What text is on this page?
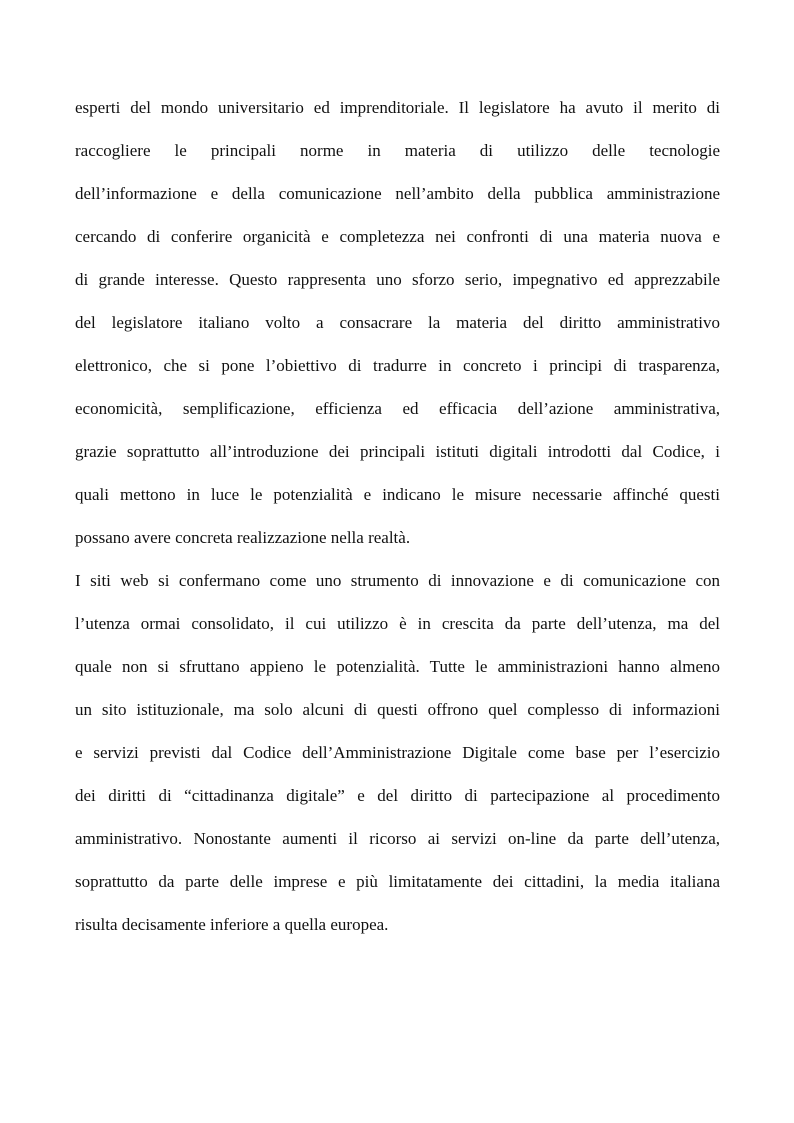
esperti del mondo universitario ed imprenditoriale. Il legislatore ha avuto il merito di
raccogliere le principali norme in materia di utilizzo delle tecnologie
dell’informazione e della comunicazione nell’ambito della pubblica amministrazione
cercando di conferire organicità e completezza nei confronti di una materia nuova e
di grande interesse. Questo rappresenta uno sforzo serio, impegnativo ed apprezzabile
del legislatore italiano volto a consacrare la materia del diritto amministrativo
elettronico, che si pone l’obiettivo di tradurre in concreto i principi di trasparenza,
economicità, semplificazione, efficienza ed efficacia dell’azione amministrativa,
grazie soprattutto all’introduzione dei principali istituti digitali introdotti dal Codice, i
quali mettono in luce le potenzialità e indicano le misure necessarie affinché questi
possano avere concreta realizzazione nella realtà.
I siti web si confermano come uno strumento di innovazione e di comunicazione con
l’utenza ormai consolidato, il cui utilizzo è in crescita da parte dell’utenza, ma del
quale non si sfruttano appieno le potenzialità. Tutte le amministrazioni hanno almeno
un sito istituzionale, ma solo alcuni di questi offrono quel complesso di informazioni
e servizi previsti dal Codice dell’Amministrazione Digitale come base per l’esercizio
dei diritti di “cittadinanza digitale” e del diritto di partecipazione al procedimento
amministrativo. Nonostante aumenti il ricorso ai servizi on-line da parte dell’utenza,
soprattutto da parte delle imprese e più limitatamente dei cittadini, la media italiana
risulta decisamente inferiore a quella europea.
